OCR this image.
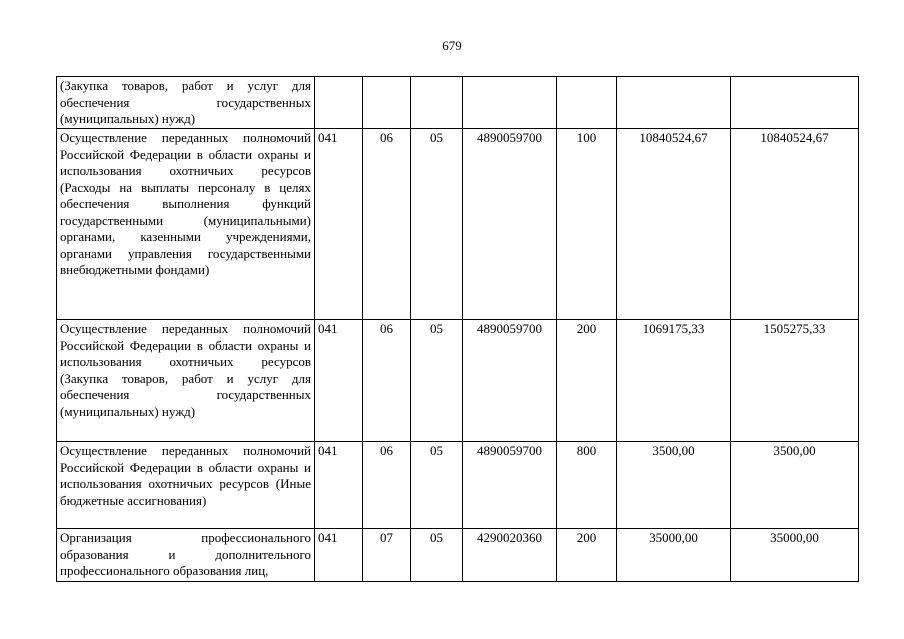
679
(Закупка товаров, работ и услуг для обеспечения государственных (муниципальных) нужд)							
Осуществление переданных полномочий Российской Федерации в области охраны и использования охотничьих ресурсов (Расходы на выплаты персоналу в целях обеспечения выполнения функций государственными (муниципальными) органами, казенными учреждениями, органами управления государственными внебюджетными фондами)	041	06	05	4890059700	100	10840524,67	10840524,67
Осуществление переданных полномочий Российской Федерации в области охраны и использования охотничьих ресурсов (Закупка товаров, работ и услуг для обеспечения государственных (муниципальных) нужд)	041	06	05	4890059700	200	1069175,33	1505275,33
Осуществление переданных полномочий Российской Федерации в области охраны и использования охотничьих ресурсов (Иные бюджетные ассигнования)	041	06	05	4890059700	800	3500,00	3500,00
Организация профессионального образования и дополнительного профессионального образования лиц,	041	07	05	4290020360	200	35000,00	35000,00
